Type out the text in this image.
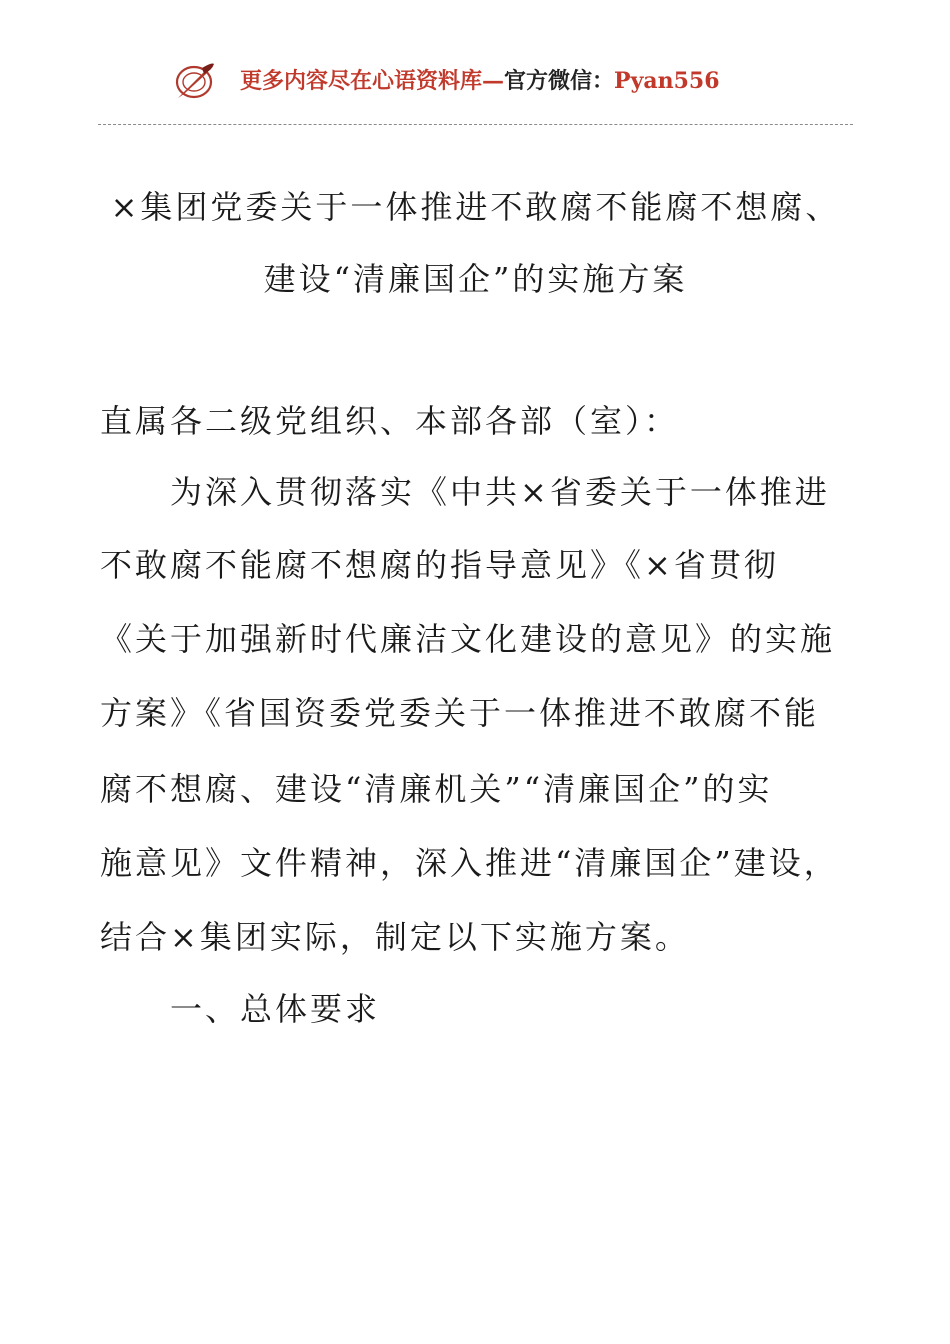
更多内容尽在心语资料库—官方微信：Pyan556
×集团党委关于一体推进不敢腐不能腐不想腐、
建设“清廉国企”的实施方案
直属各二级党组织、本部各部（室）：
为深入贯彻落实《中共×省委关于一体推进
不敢腐不能腐不想腐的指导意见》《×省贯彻
《关于加强新时代廉洁文化建设的意见》的实施
方案》《省国资委党委关于一体推进不敢腐不能
腐不想腐、建设“清廉机关”“清廉国企”的实
施意见》文件精神，深入推进“清廉国企”建设，
结合×集团实际，制定以下实施方案。
一、总体要求
